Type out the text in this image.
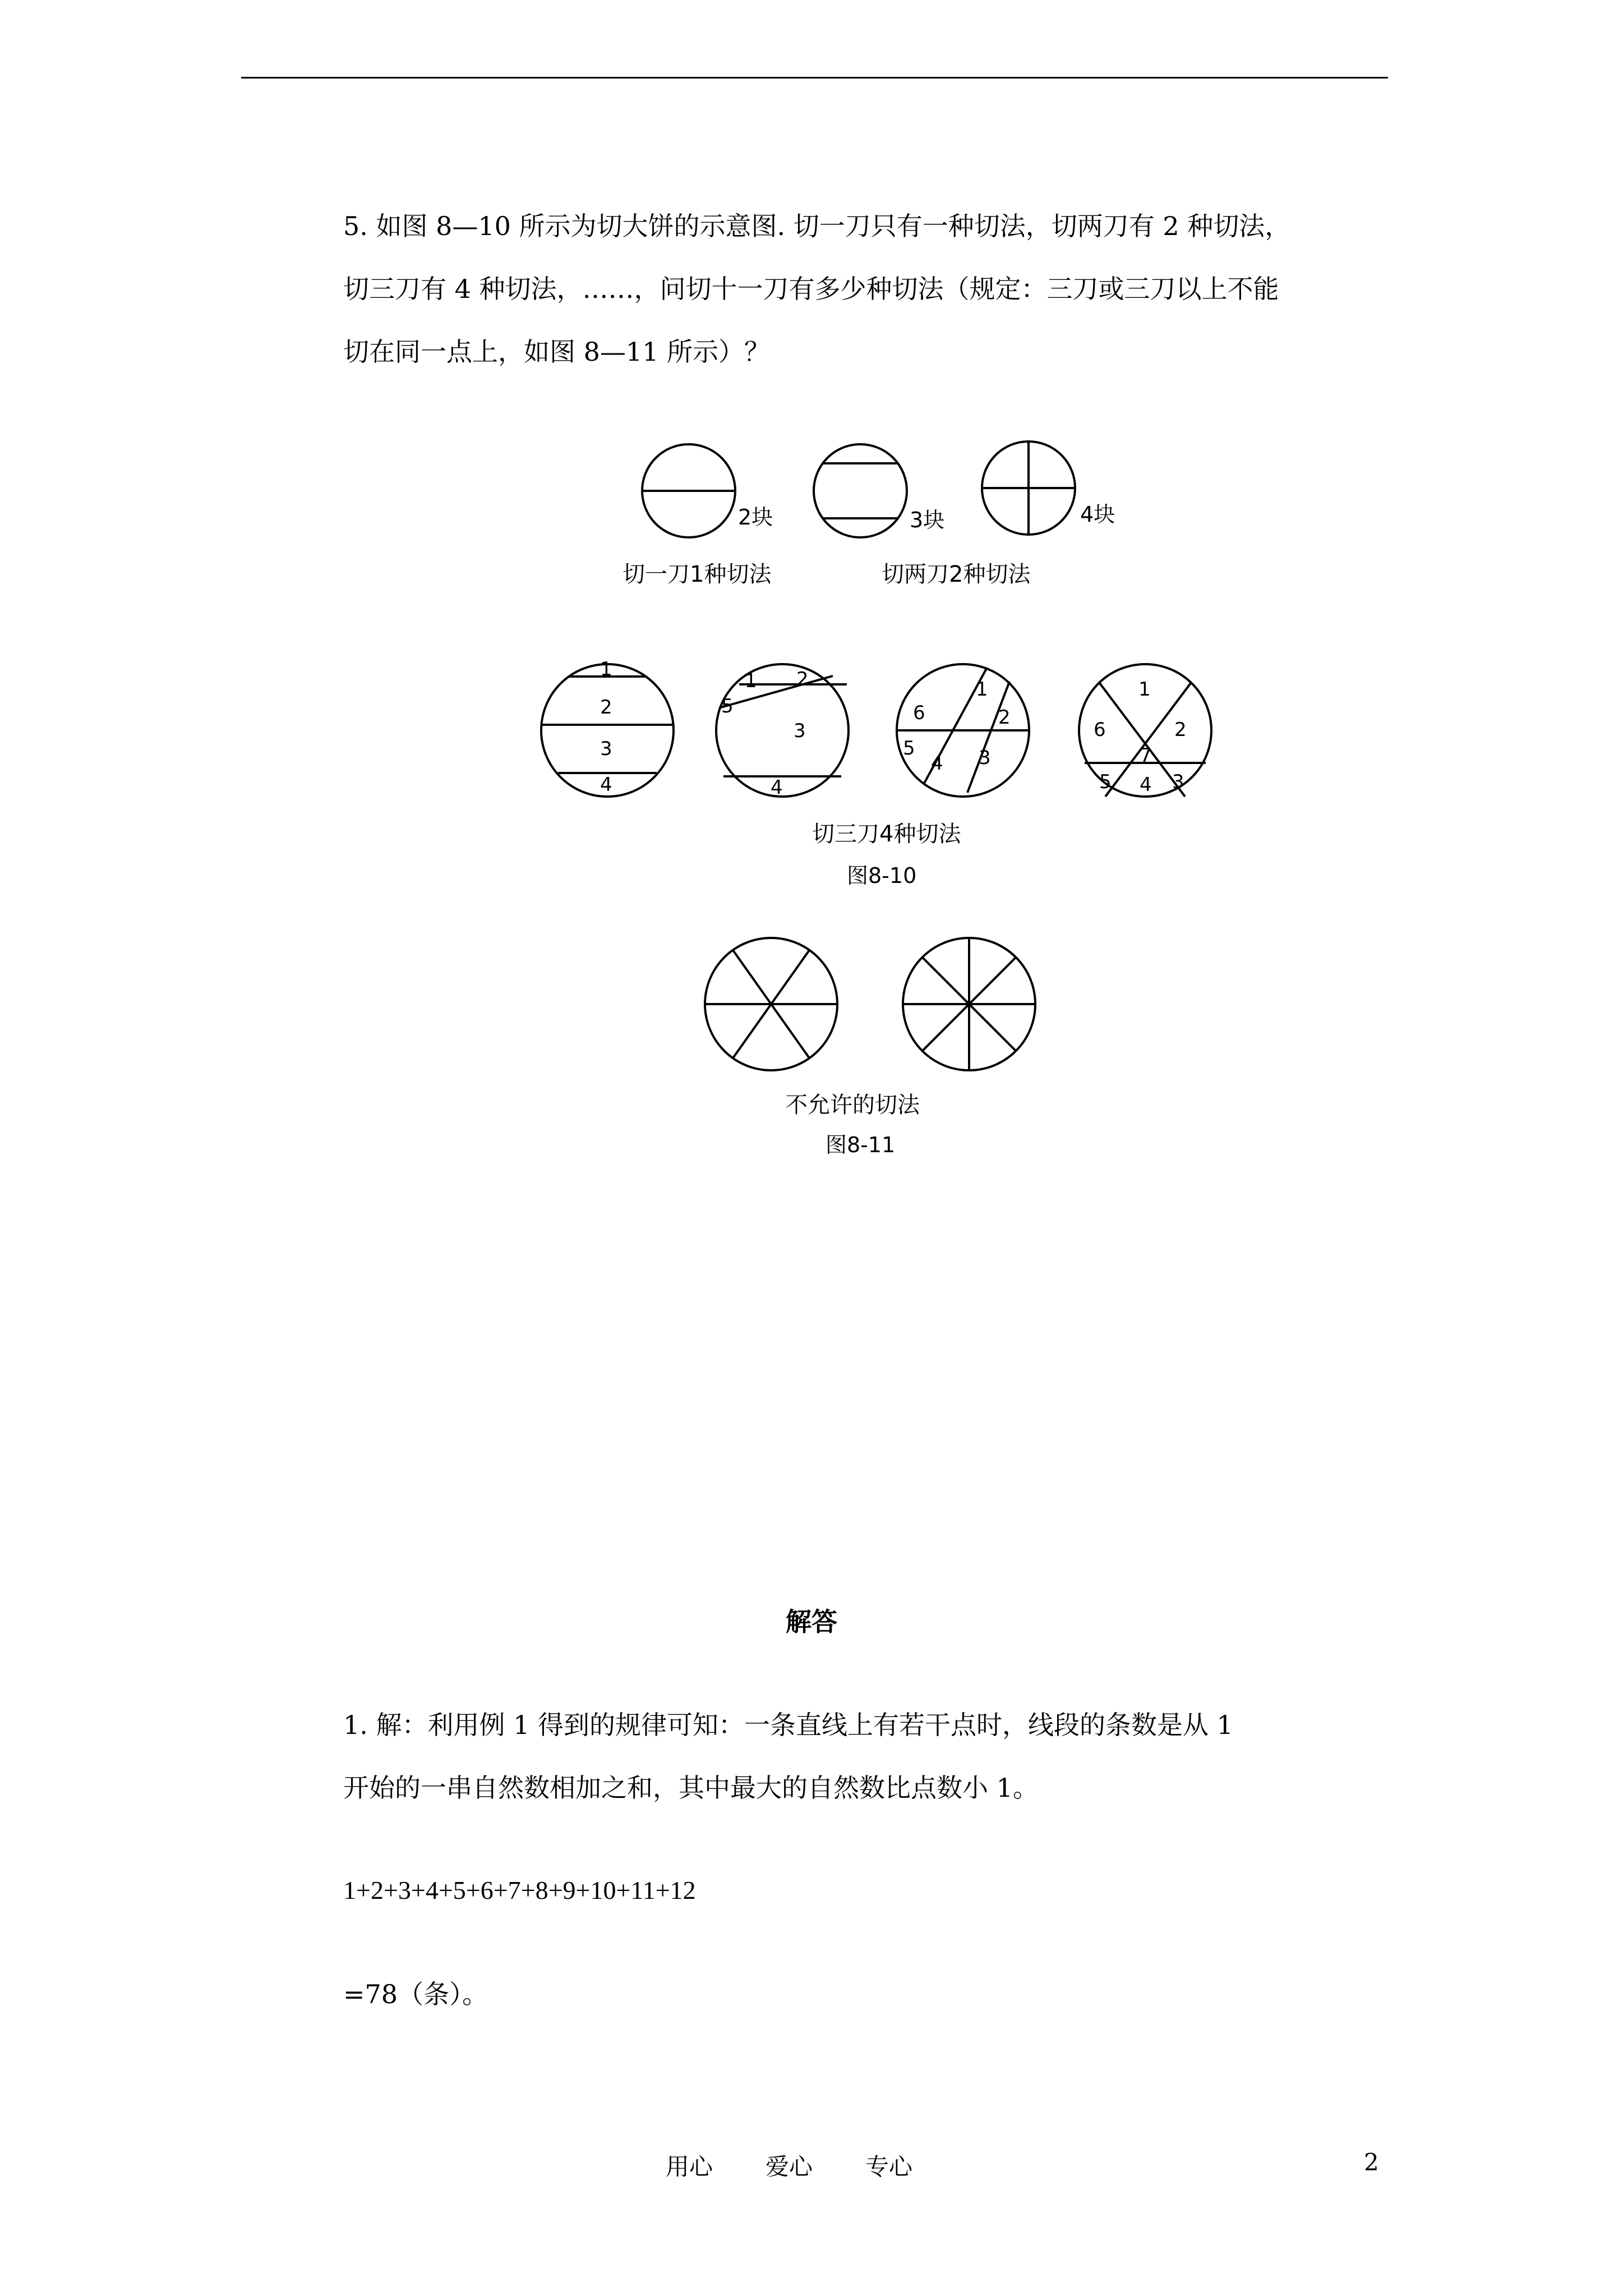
5. 如图 8—10 所示为切大饼的示意图. 切一刀只有一种切法，切两刀有 2 种切法，
切三刀有 4 种切法，……，问切十一刀有多少种切法（规定：三刀或三刀以上不能
切在同一点上，如图 8—11 所示）？
2块	3块	4块
切一刀1种切法	切两刀2种切法
1
2
3
4
1 2
3
4
5
1
2
3
4
5
6
1
2
3
4
5
6
7
切三刀4种切法
图8-10
不允许的切法
图8-11
解答
1. 解：利用例 1 得到的规律可知：一条直线上有若干点时，线段的条数是从 1
开始的一串自然数相加之和，其中最大的自然数比点数小 1。
1+2+3+4+5+6+7+8+9+10+11+12
=78（条）。
用心 爱心 专心	2
